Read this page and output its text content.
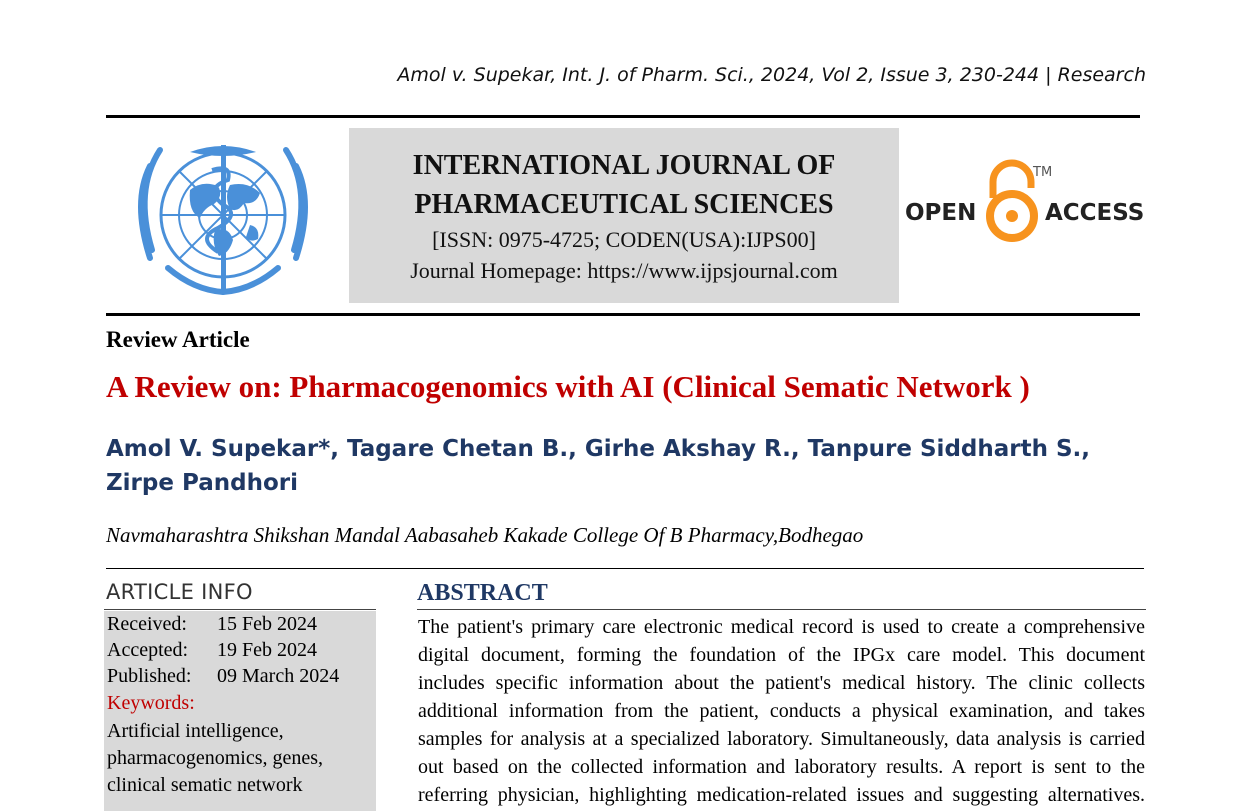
Amol v. Supekar, Int. J. of Pharm. Sci., 2024, Vol 2, Issue 3, 230-244 | Research
INTERNATIONAL JOURNAL OF
PHARMACEUTICAL SCIENCES
[ISSN: 0975-4725; CODEN(USA):IJPS00]
Journal Homepage: https://www.ijpsjournal.com
OPEN	ACCESS
TM
Review Article
A Review on: Pharmacogenomics with AI (Clinical Sematic Network )
Amol V. Supekar*, Tagare Chetan B., Girhe Akshay R., Tanpure Siddharth S., Zirpe Pandhori
Navmaharashtra Shikshan Mandal Aabasaheb Kakade College Of B Pharmacy,Bodhegao
ARTICLE INFO
Received: 15 Feb 2024
Accepted: 19 Feb 2024
Published: 09 March 2024
Keywords:
Artificial intelligence, pharmacogenomics, genes, clinical sematic network
ABSTRACT
The patient's primary care electronic medical record is used to create a comprehensive
digital document, forming the foundation of the IPGx care model. This document
includes specific information about the patient's medical history. The clinic collects
additional information from the patient, conducts a physical examination, and takes
samples for analysis at a specialized laboratory. Simultaneously, data analysis is carried
out based on the collected information and laboratory results. A report is sent to the
referring physician, highlighting medication-related issues and suggesting alternatives.
